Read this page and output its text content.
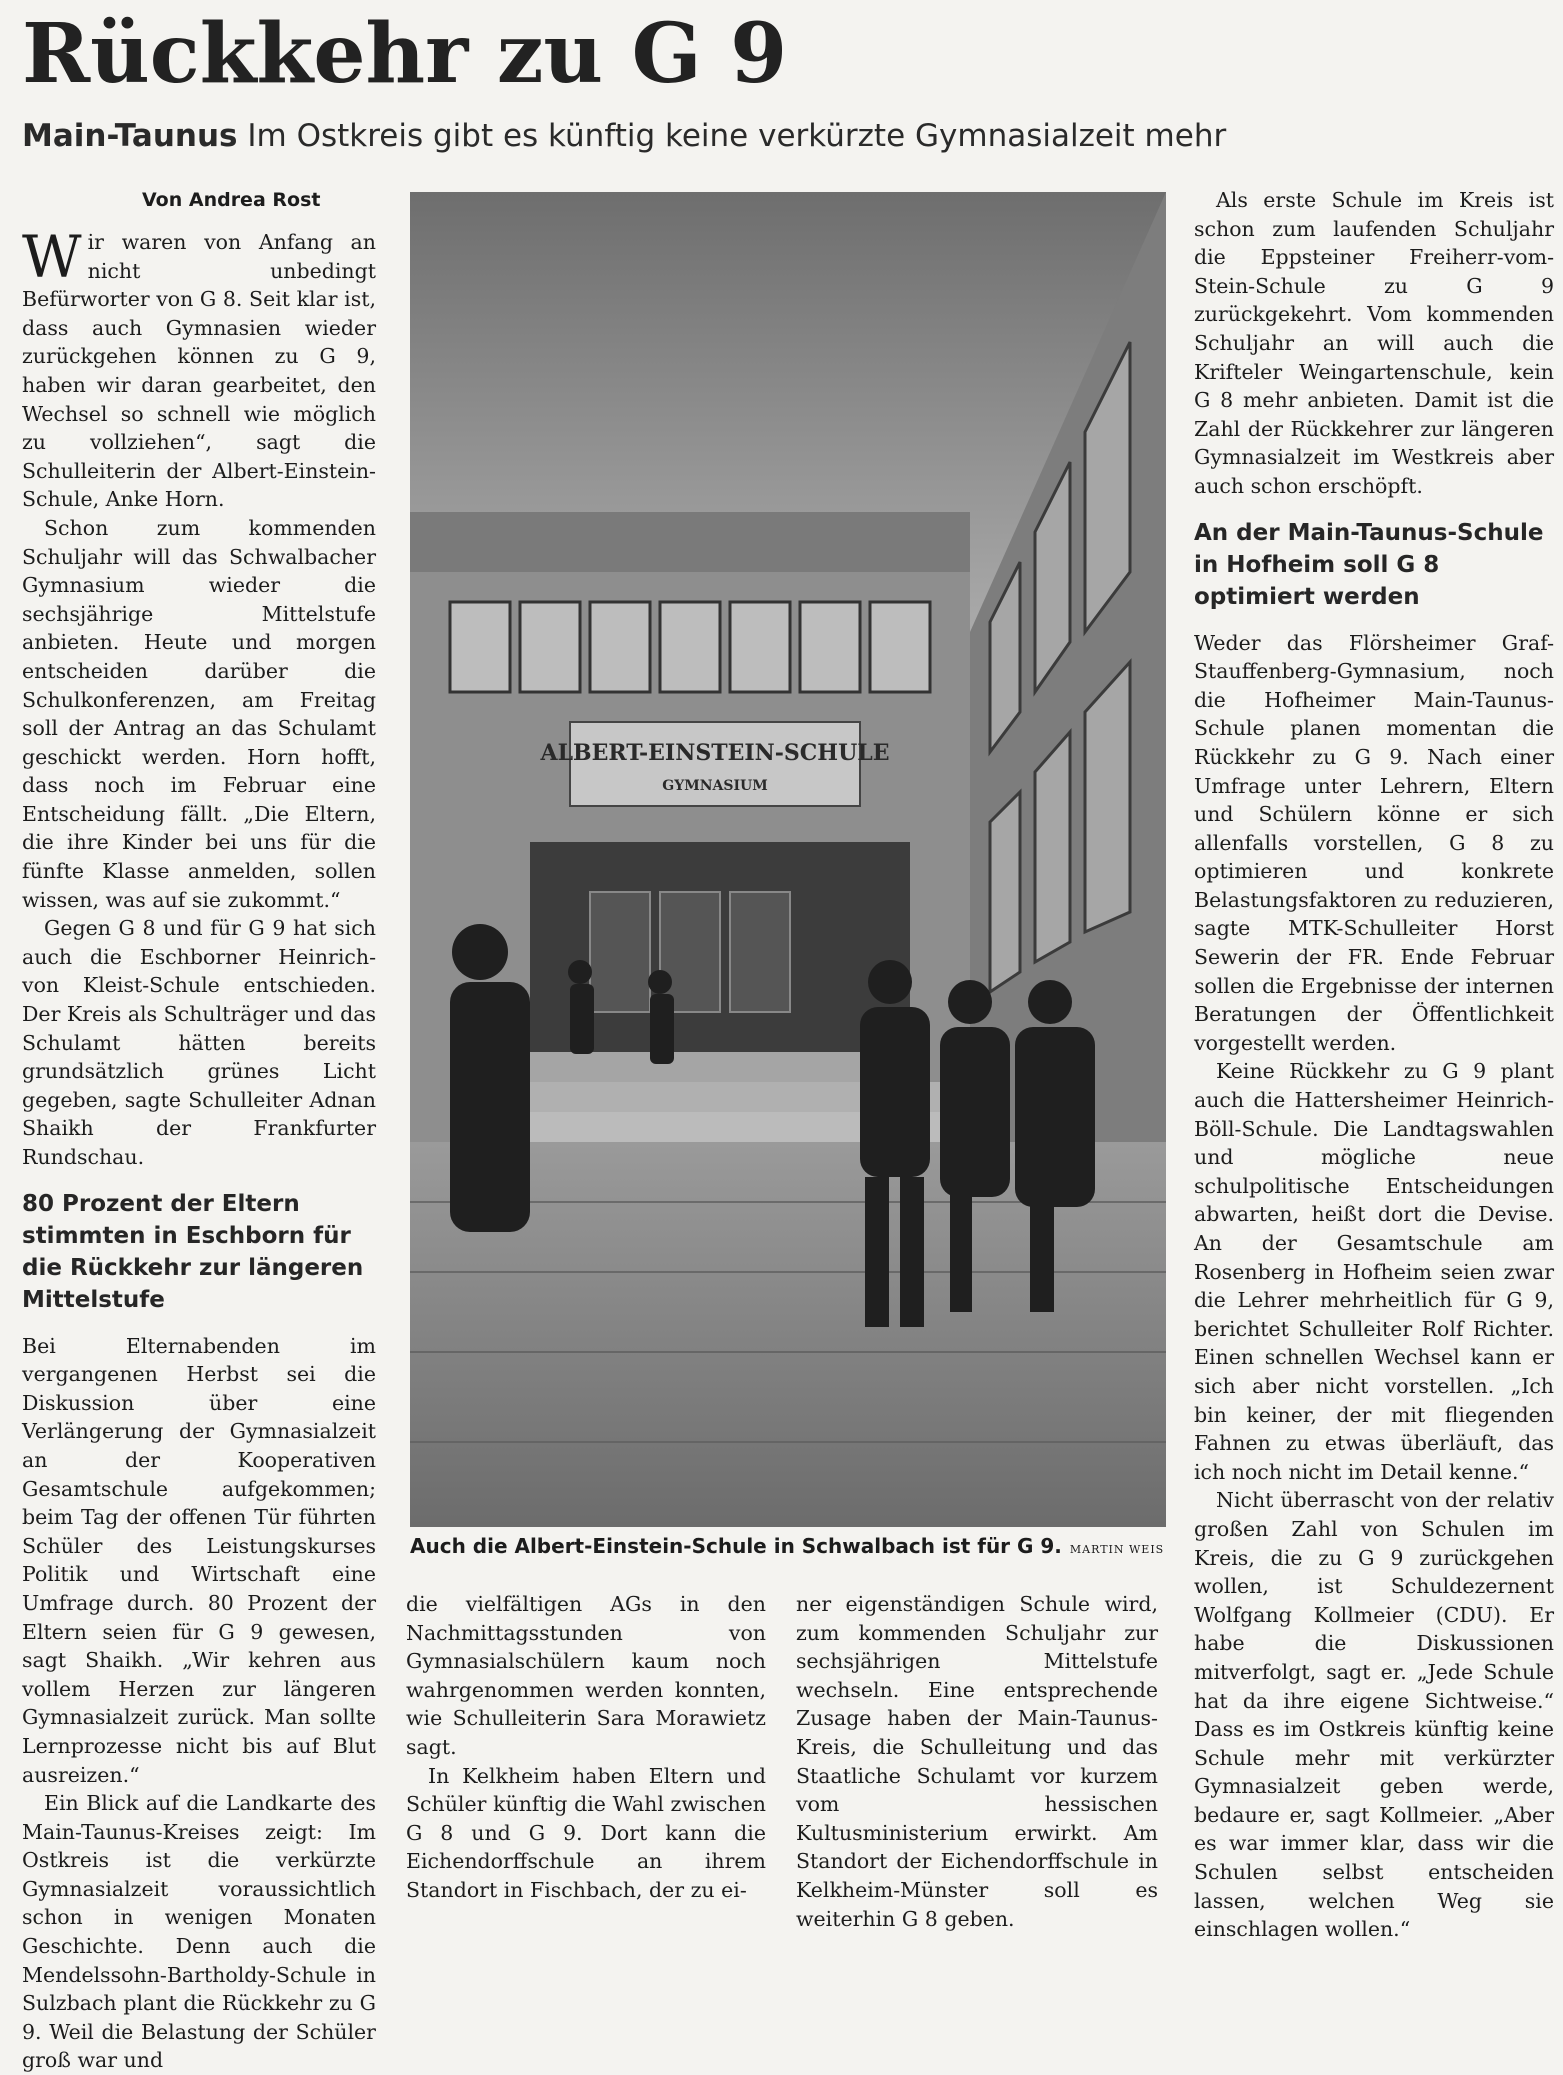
Rückkehr zu G 9
Main-Taunus Im Ostkreis gibt es künftig keine verkürzte Gymnasialzeit mehr
Von Andrea Rost

Wir waren von Anfang an nicht unbedingt Befürworter von G 8. Seit klar ist, dass auch Gymnasien wieder zurückgehen können zu G 9, haben wir daran gearbeitet, den Wechsel so schnell wie möglich zu vollziehen“, sagt die Schulleiterin der Albert-Einstein-Schule, Anke Horn.

Schon zum kommenden Schuljahr will das Schwalbacher Gymnasium wieder die sechsjährige Mittelstufe anbieten. Heute und morgen entscheiden darüber die Schulkonferenzen, am Freitag soll der Antrag an das Schulamt geschickt werden. Horn hofft, dass noch im Februar eine Entscheidung fällt. „Die Eltern, die ihre Kinder bei uns für die fünfte Klasse anmelden, sollen wissen, was auf sie zukommt.“

Gegen G 8 und für G 9 hat sich auch die Eschborner Heinrich-von Kleist-Schule entschieden. Der Kreis als Schulträger und das Schulamt hätten bereits grundsätzlich grünes Licht gegeben, sagte Schulleiter Adnan Shaikh der Frankfurter Rundschau.

80 Prozent der Eltern stimmten in Eschborn für die Rückkehr zur längeren Mittelstufe

Bei Elternabenden im vergangenen Herbst sei die Diskussion über eine Verlängerung der Gymnasialzeit an der Kooperativen Gesamtschule aufgekommen; beim Tag der offenen Tür führten Schüler des Leistungskurses Politik und Wirtschaft eine Umfrage durch. 80 Prozent der Eltern seien für G 9 gewesen, sagt Shaikh. „Wir kehren aus vollem Herzen zur längeren Gymnasialzeit zurück. Man sollte Lernprozesse nicht bis auf Blut ausreizen.“

Ein Blick auf die Landkarte des Main-Taunus-Kreises zeigt: Im Ostkreis ist die verkürzte Gymnasialzeit voraussichtlich schon in wenigen Monaten Geschichte. Denn auch die Mendelssohn-Bartholdy-Schule in Sulzbach plant die Rückkehr zu G 9. Weil die Belastung der Schüler groß war und

ALBERT-EINSTEIN-SCHULE
GYMNASIUM
Auch die Albert-Einstein-Schule in Schwalbach ist für G 9. MARTIN WEIS

die vielfältigen AGs in den Nachmittagsstunden von Gymnasialschülern kaum noch wahrgenommen werden konnten, wie Schulleiterin Sara Morawietz sagt.

In Kelkheim haben Eltern und Schüler künftig die Wahl zwischen G 8 und G 9. Dort kann die Eichendorffschule an ihrem Standort in Fischbach, der zu ei-

ner eigenständigen Schule wird, zum kommenden Schuljahr zur sechsjährigen Mittelstufe wechseln. Eine entsprechende Zusage haben der Main-Taunus-Kreis, die Schulleitung und das Staatliche Schulamt vor kurzem vom hessischen Kultusministerium erwirkt. Am Standort der Eichendorffschule in Kelkheim-Münster soll es weiterhin G 8 geben.

Als erste Schule im Kreis ist schon zum laufenden Schuljahr die Eppsteiner Freiherr-vom-Stein-Schule zu G 9 zurückgekehrt. Vom kommenden Schuljahr an will auch die Krifteler Weingartenschule, kein G 8 mehr anbieten. Damit ist die Zahl der Rückkehrer zur längeren Gymnasialzeit im Westkreis aber auch schon erschöpft.

An der Main-Taunus-Schule in Hofheim soll G 8 optimiert werden

Weder das Flörsheimer Graf-Stauffenberg-Gymnasium, noch die Hofheimer Main-Taunus-Schule planen momentan die Rückkehr zu G 9. Nach einer Umfrage unter Lehrern, Eltern und Schülern könne er sich allenfalls vorstellen, G 8 zu optimieren und konkrete Belastungsfaktoren zu reduzieren, sagte MTK-Schulleiter Horst Sewerin der FR. Ende Februar sollen die Ergebnisse der internen Beratungen der Öffentlichkeit vorgestellt werden.

Keine Rückkehr zu G 9 plant auch die Hattersheimer Heinrich-Böll-Schule. Die Landtagswahlen und mögliche neue schulpolitische Entscheidungen abwarten, heißt dort die Devise. An der Gesamtschule am Rosenberg in Hofheim seien zwar die Lehrer mehrheitlich für G 9, berichtet Schulleiter Rolf Richter. Einen schnellen Wechsel kann er sich aber nicht vorstellen. „Ich bin keiner, der mit fliegenden Fahnen zu etwas überläuft, das ich noch nicht im Detail kenne.“

Nicht überrascht von der relativ großen Zahl von Schulen im Kreis, die zu G 9 zurückgehen wollen, ist Schuldezernent Wolfgang Kollmeier (CDU). Er habe die Diskussionen mitverfolgt, sagt er. „Jede Schule hat da ihre eigene Sichtweise.“ Dass es im Ostkreis künftig keine Schule mehr mit verkürzter Gymnasialzeit geben werde, bedaure er, sagt Kollmeier. „Aber es war immer klar, dass wir die Schulen selbst entscheiden lassen, welchen Weg sie einschlagen wollen.“
